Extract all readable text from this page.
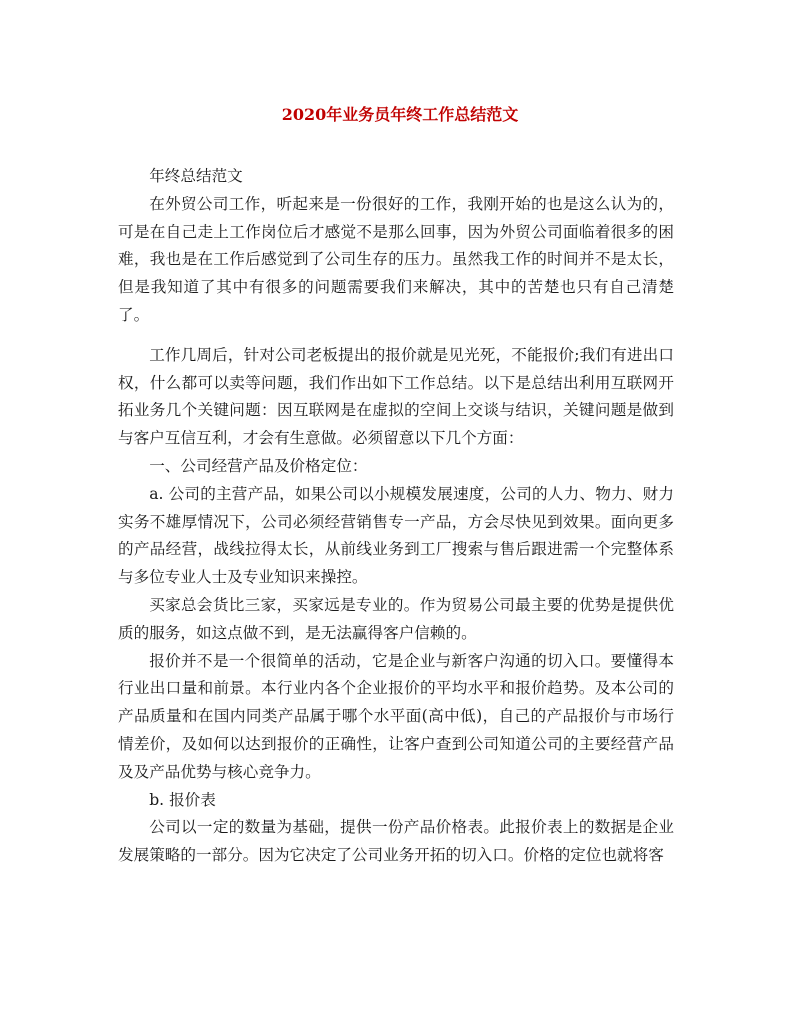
2020年业务员年终工作总结范文

年终总结范文

在外贸公司工作，听起来是一份很好的工作，我刚开始的也是这么认为的，可是在自己走上工作岗位后才感觉不是那么回事，因为外贸公司面临着很多的困难，我也是在工作后感觉到了公司生存的压力。虽然我工作的时间并不是太长，但是我知道了其中有很多的问题需要我们来解决，其中的苦楚也只有自己清楚了。

工作几周后，针对公司老板提出的报价就是见光死，不能报价;我们有进出口权，什么都可以卖等问题，我们作出如下工作总结。以下是总结出利用互联网开拓业务几个关键问题：因互联网是在虚拟的空间上交谈与结识，关键问题是做到与客户互信互利，才会有生意做。必须留意以下几个方面：

一、公司经营产品及价格定位：

a. 公司的主营产品，如果公司以小规模发展速度，公司的人力、物力、财力实务不雄厚情况下，公司必须经营销售专一产品，方会尽快见到效果。面向更多的产品经营，战线拉得太长，从前线业务到工厂搜索与售后跟进需一个完整体系与多位专业人士及专业知识来操控。

买家总会货比三家，买家远是专业的。作为贸易公司最主要的优势是提供优质的服务，如这点做不到，是无法赢得客户信赖的。

报价并不是一个很简单的活动，它是企业与新客户沟通的切入口。要懂得本行业出口量和前景。本行业内各个企业报价的平均水平和报价趋势。及本公司的产品质量和在国内同类产品属于哪个水平面(高中低)，自己的产品报价与市场行情差价，及如何以达到报价的正确性，让客户查到公司知道公司的主要经营产品及及产品优势与核心竞争力。

b. 报价表

公司以一定的数量为基础，提供一份产品价格表。此报价表上的数据是企业发展策略的一部分。因为它决定了公司业务开拓的切入口。价格的定位也就将客
